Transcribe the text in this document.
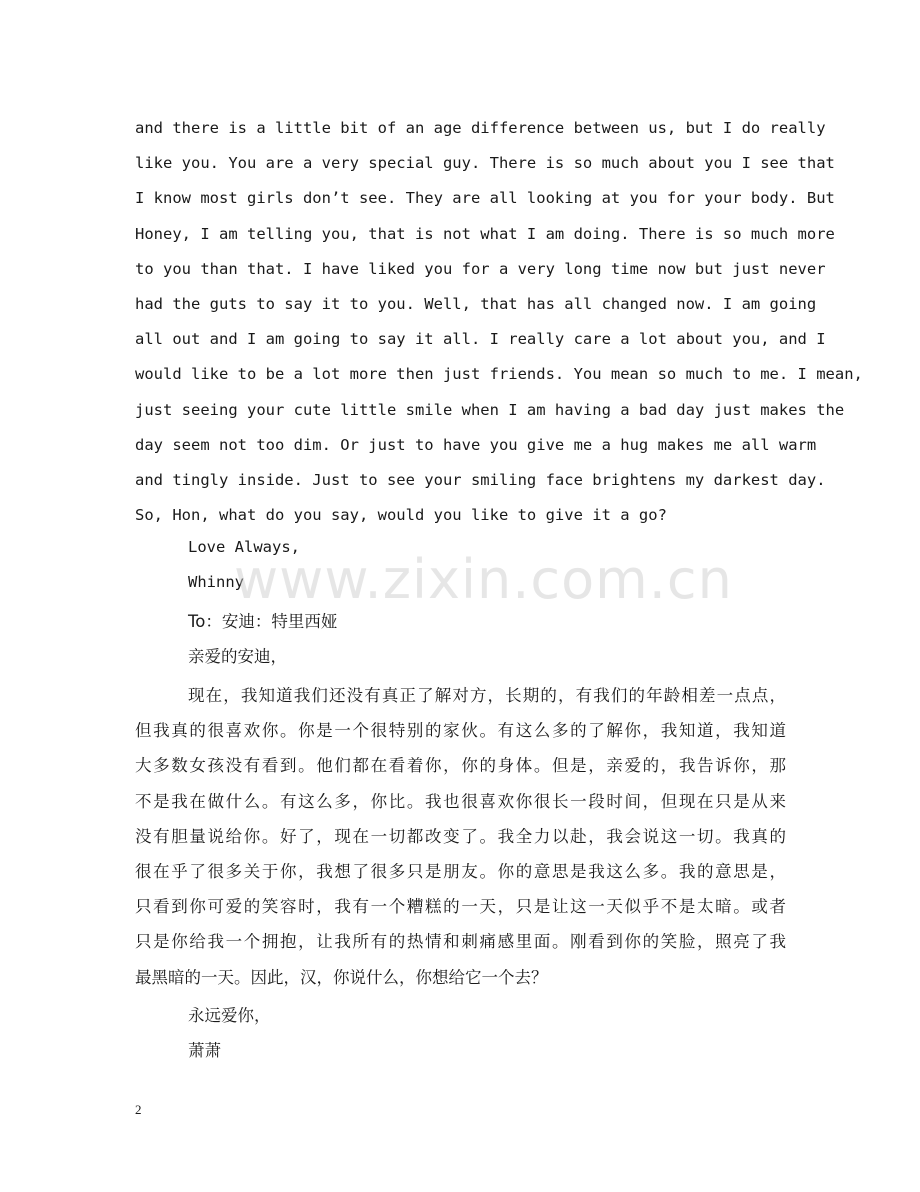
and there is a little bit of an age difference between us, but I do really
like you. You are a very special guy. There is so much about you I see that
I know most girls don’t see. They are all looking at you for your body. But
Honey, I am telling you, that is not what I am doing. There is so much more
to you than that. I have liked you for a very long time now but just never
had the guts to say it to you. Well, that has all changed now. I am going
all out and I am going to say it all. I really care a lot about you, and I
would like to be a lot more then just friends. You mean so much to me. I mean,
just seeing your cute little smile when I am having a bad day just makes the
day seem not too dim. Or just to have you give me a hug makes me all warm
and tingly inside. Just to see your smiling face brightens my darkest day.
So, Hon, what do you say, would you like to give it a go?
Love Always,
Whinny
www.zixin.com.cn
To：安迪：特里西娅
亲爱的安迪，
现在，我知道我们还没有真正了解对方，长期的，有我们的年龄相差一点点，
但我真的很喜欢你。你是一个很特别的家伙。有这么多的了解你，我知道，我知道
大多数女孩没有看到。他们都在看着你，你的身体。但是，亲爱的，我告诉你，那
不是我在做什么。有这么多，你比。我也很喜欢你很长一段时间，但现在只是从来
没有胆量说给你。好了，现在一切都改变了。我全力以赴，我会说这一切。我真的
很在乎了很多关于你，我想了很多只是朋友。你的意思是我这么多。我的意思是，
只看到你可爱的笑容时，我有一个糟糕的一天，只是让这一天似乎不是太暗。或者
只是你给我一个拥抱，让我所有的热情和刺痛感里面。刚看到你的笑脸，照亮了我
最黑暗的一天。因此，汉，你说什么，你想给它一个去？
永远爱你，
萧萧
2
